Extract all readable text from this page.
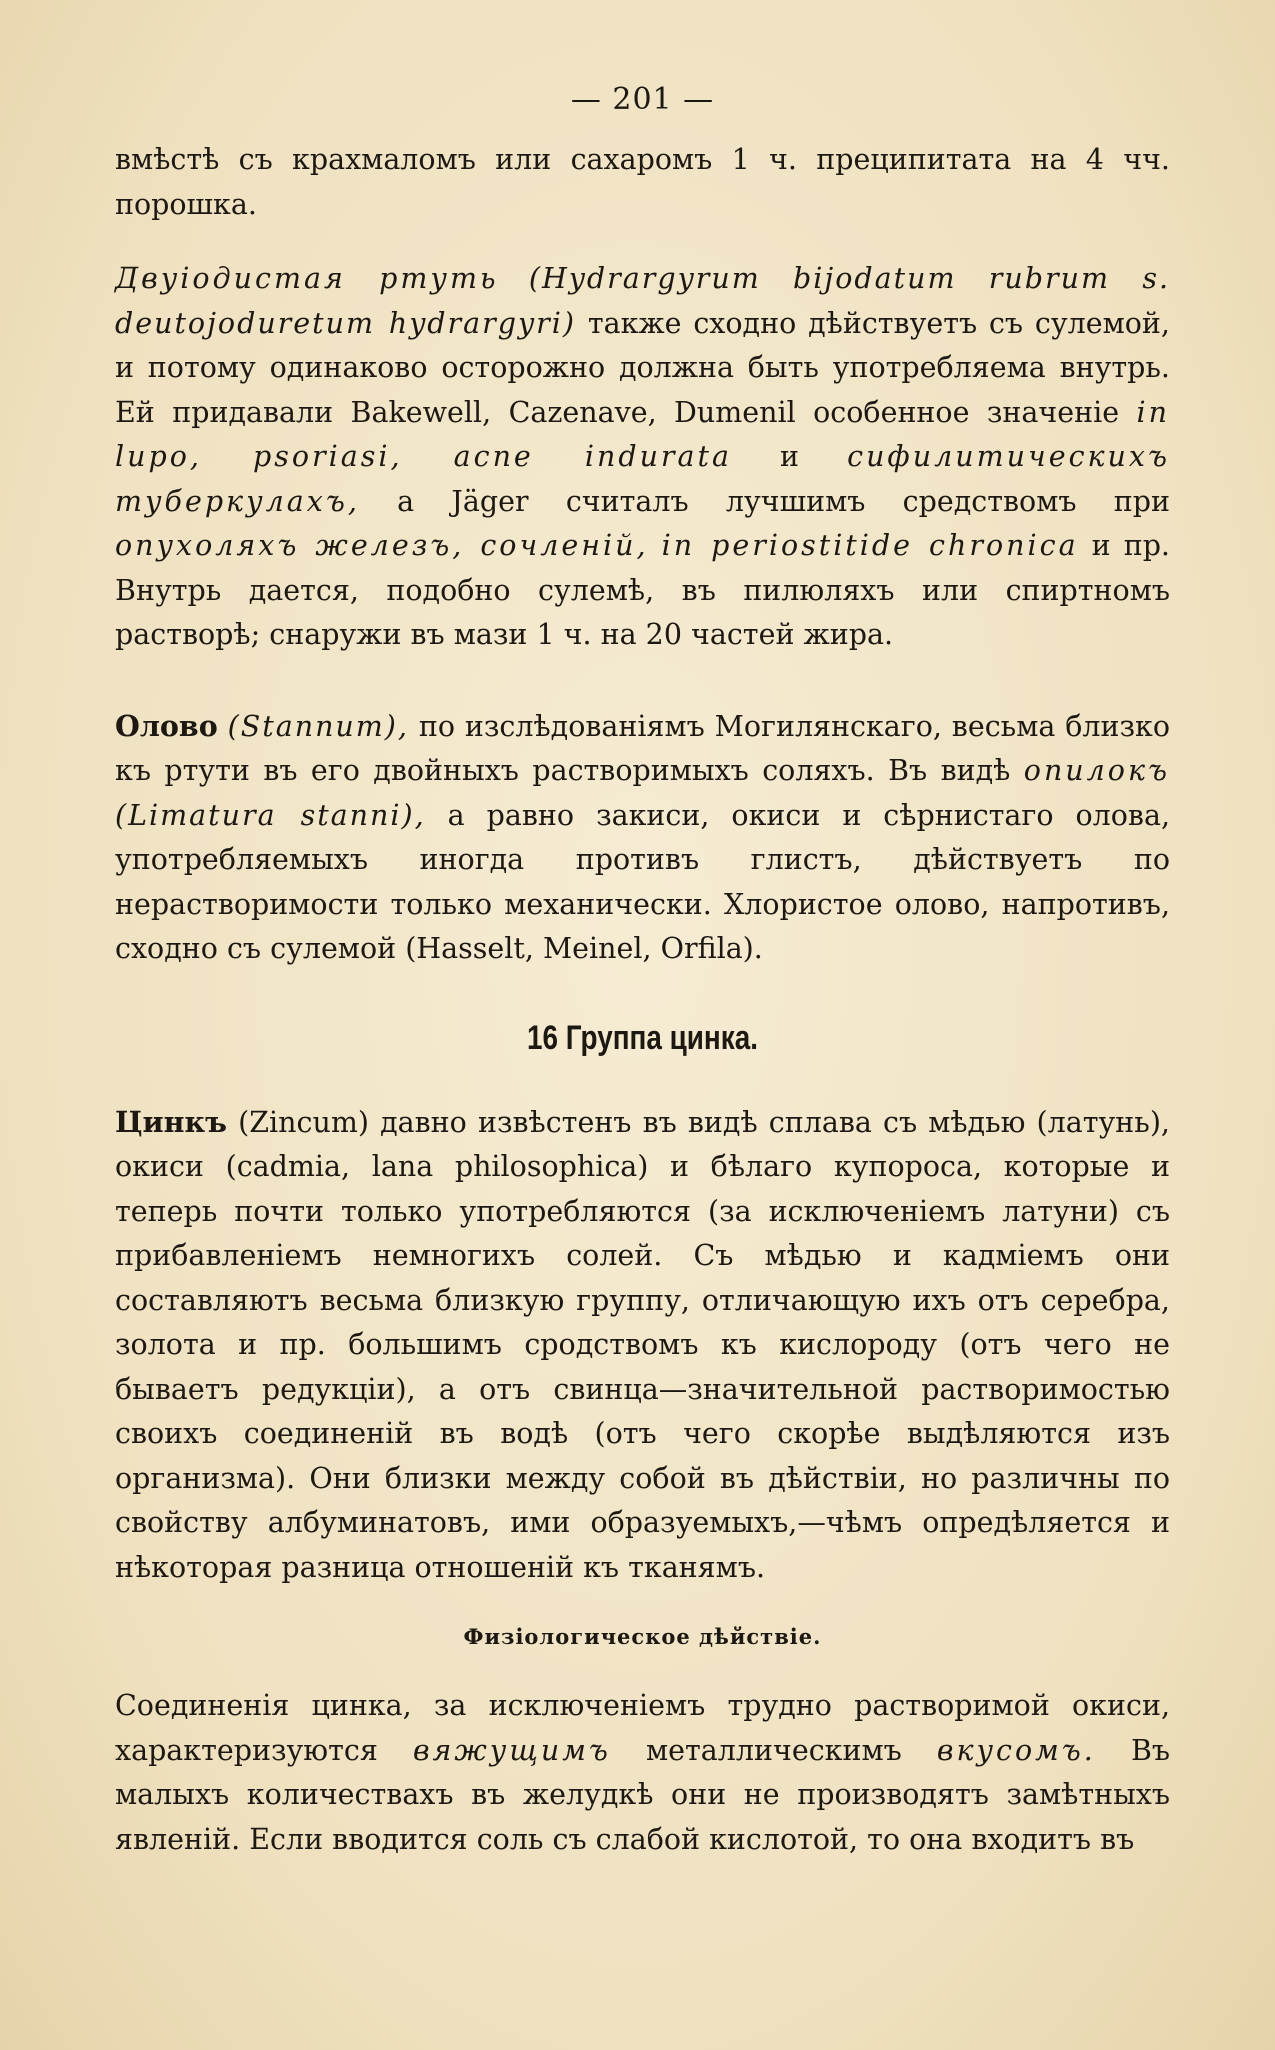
— 201 —

вмѣстѣ съ крахмаломъ или сахаромъ 1 ч. преципитата на 4 чч. порошка.

Двуіодистая ртуть (Hydrargyrum bijodatum rubrum s. deutojoduretum hydrargyri) также сходно дѣйствуетъ съ сулемой, и потому одинаково осторожно должна быть употребляема внутрь. Ей придавали Bakewell, Cazenave, Dumenil особенное значеніе in lupo, psoriasi, acne indurata и сифилитическихъ туберкулахъ, а Jäger считалъ лучшимъ средствомъ при опухоляхъ железъ, сочленій, in periostitide chronica и пр. Внутрь дается, подобно сулемѣ, въ пилюляхъ или спиртномъ растворѣ; снаружи въ мази 1 ч. на 20 частей жира.

Олово (Stannum), по изслѣдованіямъ Могилянскаго, весьма близко къ ртути въ его двойныхъ растворимыхъ соляхъ. Въ видѣ опилокъ (Limatura stanni), а равно закиси, окиси и сѣрнистаго олова, употребляемыхъ иногда противъ глистъ, дѣйствуетъ по нерастворимости только механически. Хлористое олово, напротивъ, сходно съ сулемой (Hasselt, Meinel, Orfila).

16 Группа цинка.

Цинкъ (Zincum) давно извѣстенъ въ видѣ сплава съ мѣдью (латунь), окиси (cadmia, lana philosophica) и бѣлаго купороса, которые и теперь почти только употребляются (за исключеніемъ латуни) съ прибавленіемъ немногихъ солей. Съ мѣдью и кадміемъ они составляютъ весьма близкую группу, отличающую ихъ отъ серебра, золота и пр. большимъ сродствомъ къ кислороду (отъ чего не бываетъ редукціи), а отъ свинца—значительной растворимостью своихъ соединеній въ водѣ (отъ чего скорѣе выдѣляются изъ организма). Они близки между собой въ дѣйствіи, но различны по свойству албуминатовъ, ими образуемыхъ,—чѣмъ опредѣляется и нѣкоторая разница отношеній къ тканямъ.

Физіологическое дѣйствіе.

Соединенія цинка, за исключеніемъ трудно растворимой окиси, характеризуются вяжущимъ металлическимъ вкусомъ. Въ малыхъ количествахъ въ желудкѣ они не производятъ замѣтныхъ явленій. Если вводится соль съ слабой кислотой, то она входитъ въ
